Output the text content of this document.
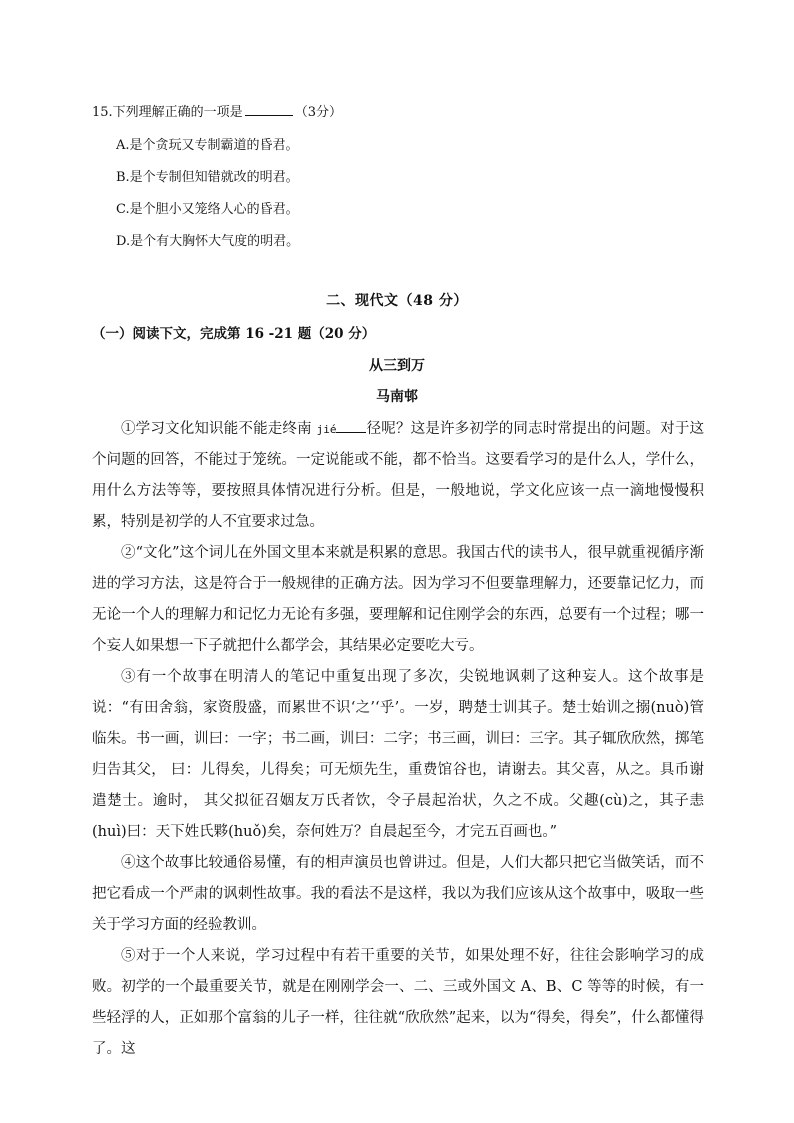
15.下列理解正确的一项是	（3分）
A.是个贪玩又专制霸道的昏君。
B.是个专制但知错就改的明君。
C.是个胆小又笼络人心的昏君。
D.是个有大胸怀大气度的明君。
二、现代文（48 分）
（一）阅读下文，完成第 16 -21 题（20 分）
从三到万
马南邨

①学习文化知识能不能走终南 jié 径呢？这是许多初学的同志时常提出的问题。对于这个问题的回答，不能过于笼统。一定说能或不能，都不恰当。这要看学习的是什么人，学什么，用什么方法等等，要按照具体情况进行分析。但是，一般地说，学文化应该一点一滴地慢慢积累，特别是初学的人不宜要求过急。

②“文化”这个词儿在外国文里本来就是积累的意思。我国古代的读书人，很早就重视循序渐进的学习方法，这是符合于一般规律的正确方法。因为学习不但要靠理解力，还要靠记忆力，而无论一个人的理解力和记忆力无论有多强，要理解和记住刚学会的东西，总要有一个过程；哪一个妄人如果想一下子就把什么都学会，其结果必定要吃大亏。

③有一个故事在明清人的笔记中重复出现了多次，尖锐地讽刺了这种妄人。这个故事是说：“有田舍翁，家资殷盛，而累世不识‘之’‘乎’。一岁，聘楚士训其子。楚士始训之搦(nuò)管临朱。书一画，训曰：一字；书二画，训曰：二字；书三画，训曰：三字。其子辄欣欣然，掷笔归告其父， 曰：儿得矣，儿得矣；可无烦先生，重费馆谷也，请谢去。其父喜，从之。具币谢遣楚士。逾时， 其父拟征召姻友万氏者饮，令子晨起治状，久之不成。父趣(cù)之，其子恚(huì)曰：天下姓氏夥(huǒ)矣，奈何姓万？自晨起至今，才完五百画也。”

④这个故事比较通俗易懂，有的相声演员也曾讲过。但是，人们大都只把它当做笑话，而不把它看成一个严肃的讽刺性故事。我的看法不是这样，我以为我们应该从这个故事中，吸取一些关于学习方面的经验教训。

⑤对于一个人来说，学习过程中有若干重要的关节，如果处理不好，往往会影响学习的成败。初学的一个最重要关节，就是在刚刚学会一、二、三或外国文 A、B、C 等等的时候，有一些轻浮的人，正如那个富翁的儿子一样，往往就“欣欣然”起来，以为“得矣，得矣”，什么都懂得了。这
